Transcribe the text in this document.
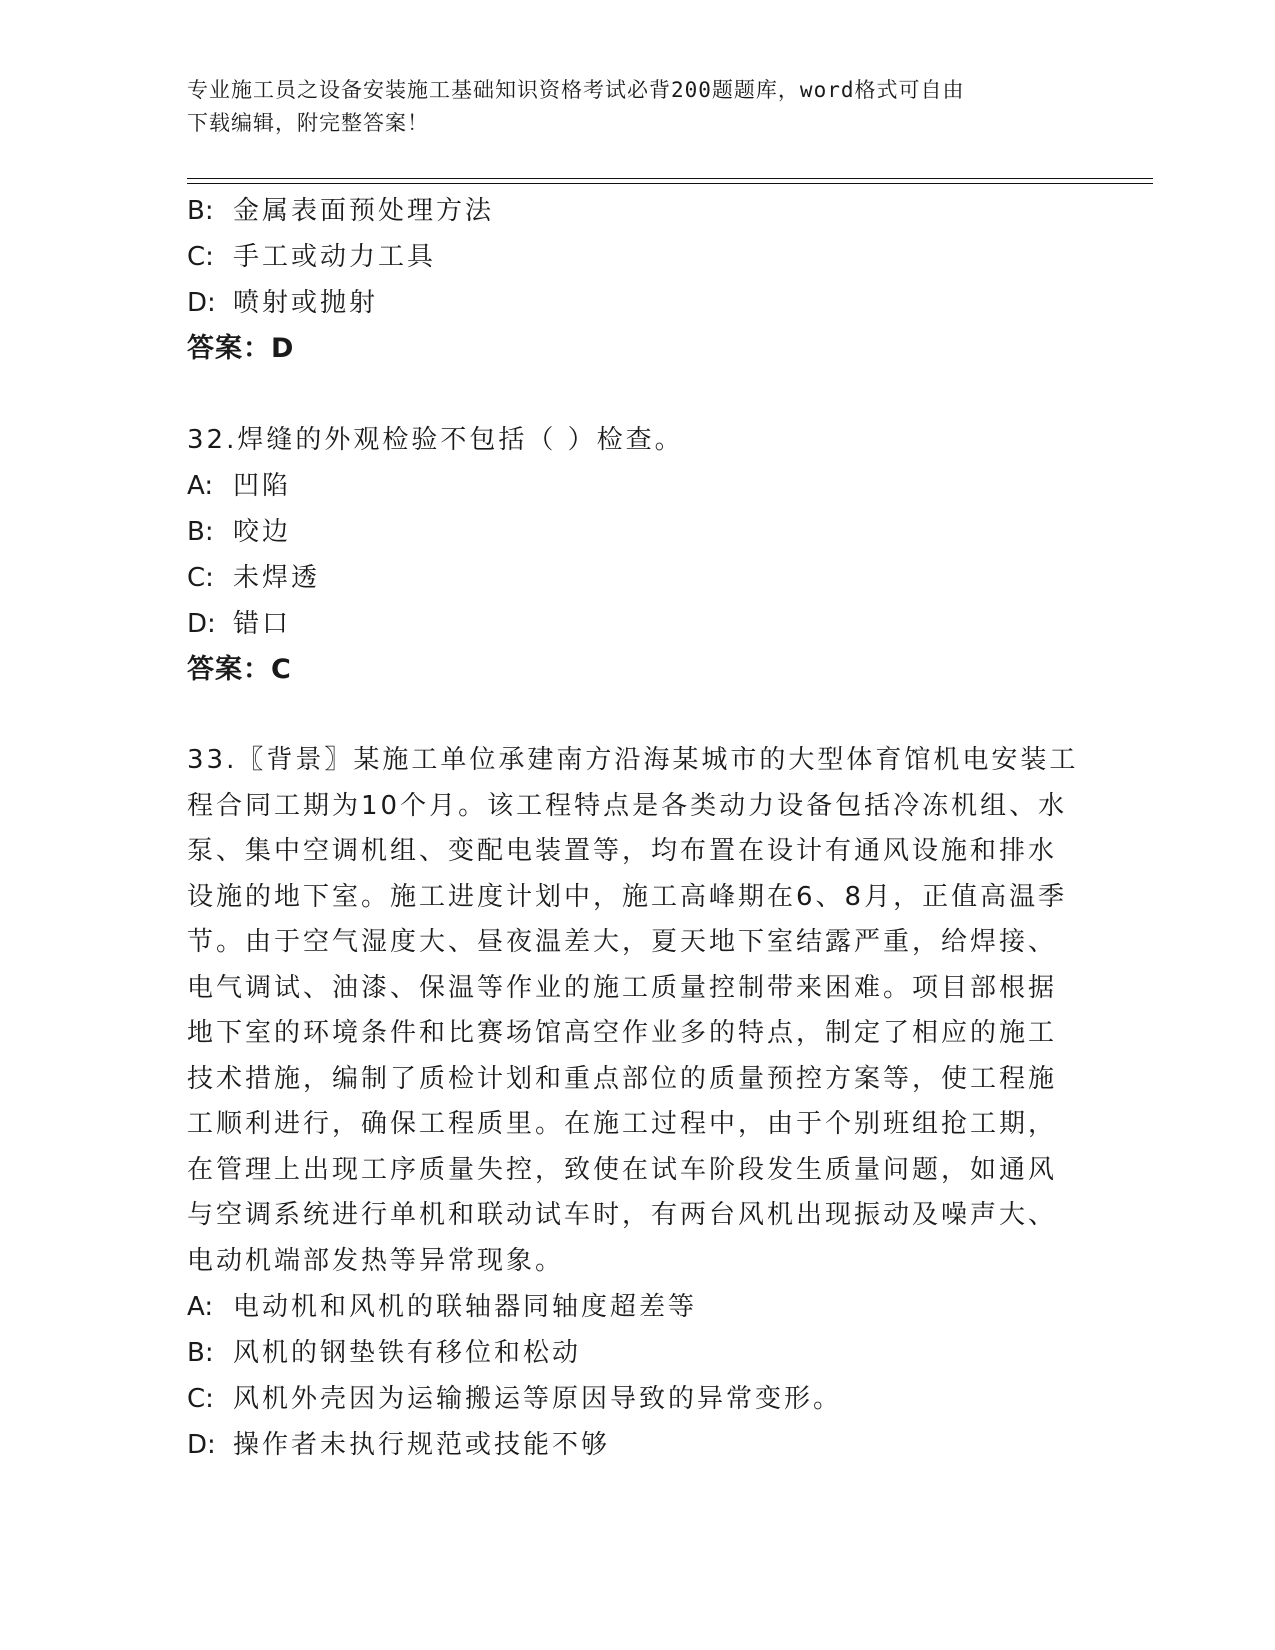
专业施工员之设备安装施工基础知识资格考试必背200题题库，word格式可自由
下载编辑，附完整答案！
B: 金属表面预处理方法
C: 手工或动力工具
D: 喷射或抛射
答案：D
32.焊缝的外观检验不包括（ ）检查。
A: 凹陷
B: 咬边
C: 未焊透
D: 错口
答案：C
33.〖背景〗某施工单位承建南方沿海某城市的大型体育馆机电安装工
程合同工期为10个月。该工程特点是各类动力设备包括冷冻机组、水
泵、集中空调机组、变配电装置等，均布置在设计有通风设施和排水
设施的地下室。施工进度计划中，施工高峰期在6、8月，正值高温季
节。由于空气湿度大、昼夜温差大，夏天地下室结露严重，给焊接、
电气调试、油漆、保温等作业的施工质量控制带来困难。项目部根据
地下室的环境条件和比赛场馆高空作业多的特点，制定了相应的施工
技术措施，编制了质检计划和重点部位的质量预控方案等，使工程施
工顺利进行，确保工程质里。在施工过程中，由于个别班组抢工期，
在管理上出现工序质量失控，致使在试车阶段发生质量问题，如通风
与空调系统进行单机和联动试车时，有两台风机出现振动及噪声大、
电动机端部发热等异常现象。
A: 电动机和风机的联轴器同轴度超差等
B: 风机的钢垫铁有移位和松动
C: 风机外壳因为运输搬运等原因导致的异常变形。
D: 操作者未执行规范或技能不够
